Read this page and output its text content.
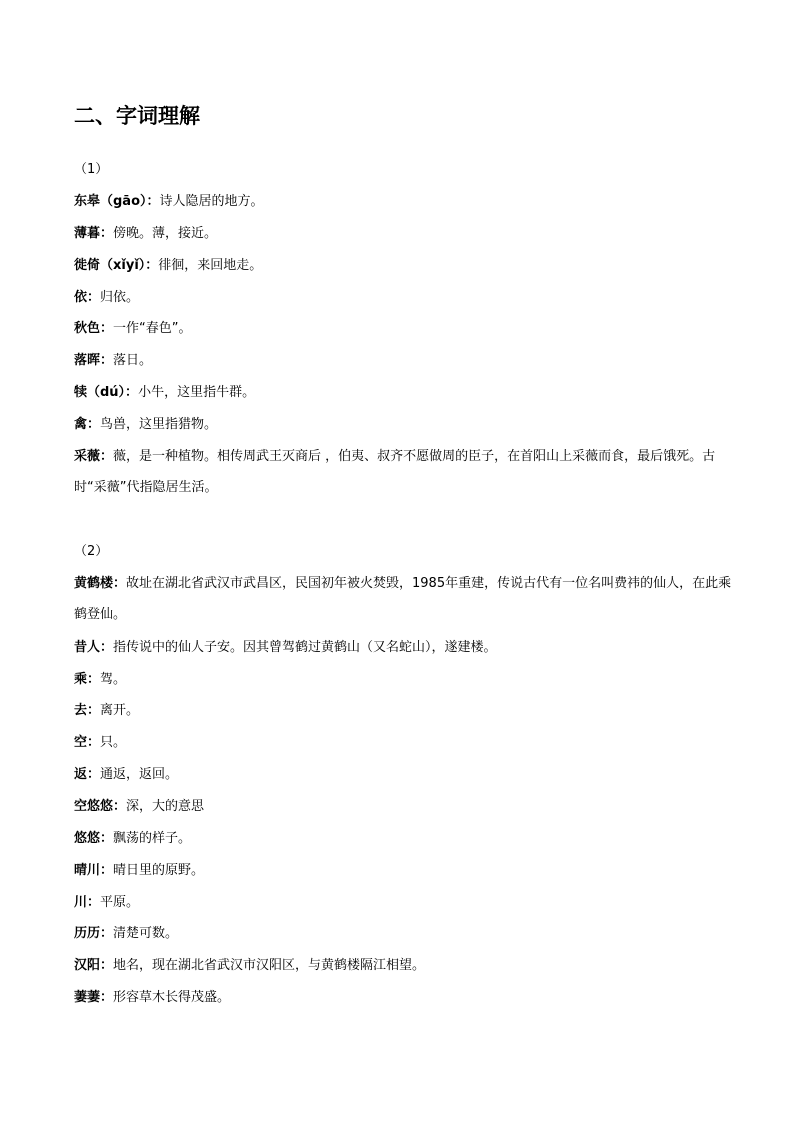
二、字词理解
（1）

东皋（gāo）：诗人隐居的地方。

薄暮：傍晚。薄，接近。

徙倚（xǐyǐ）：徘徊，来回地走。

依：归依。

秋色：一作“春色”。

落晖：落日。

犊（dú）：小牛，这里指牛群。

禽：鸟兽，这里指猎物。

采薇：薇，是一种植物。相传周武王灭商后 ，伯夷、叔齐不愿做周的臣子，在首阳山上采薇而食，最后饿死。古时“采薇”代指隐居生活。

（2）

黄鹤楼：故址在湖北省武汉市武昌区，民国初年被火焚毁，1985年重建，传说古代有一位名叫费祎的仙人，在此乘鹤登仙。

昔人：指传说中的仙人子安。因其曾驾鹤过黄鹤山（又名蛇山），遂建楼。

乘：驾。

去：离开。

空：只。

返：通返，返回。

空悠悠：深，大的意思

悠悠：飘荡的样子。

晴川：晴日里的原野。

川：平原。

历历：清楚可数。

汉阳：地名，现在湖北省武汉市汉阳区，与黄鹤楼隔江相望。

萋萋：形容草木长得茂盛。
